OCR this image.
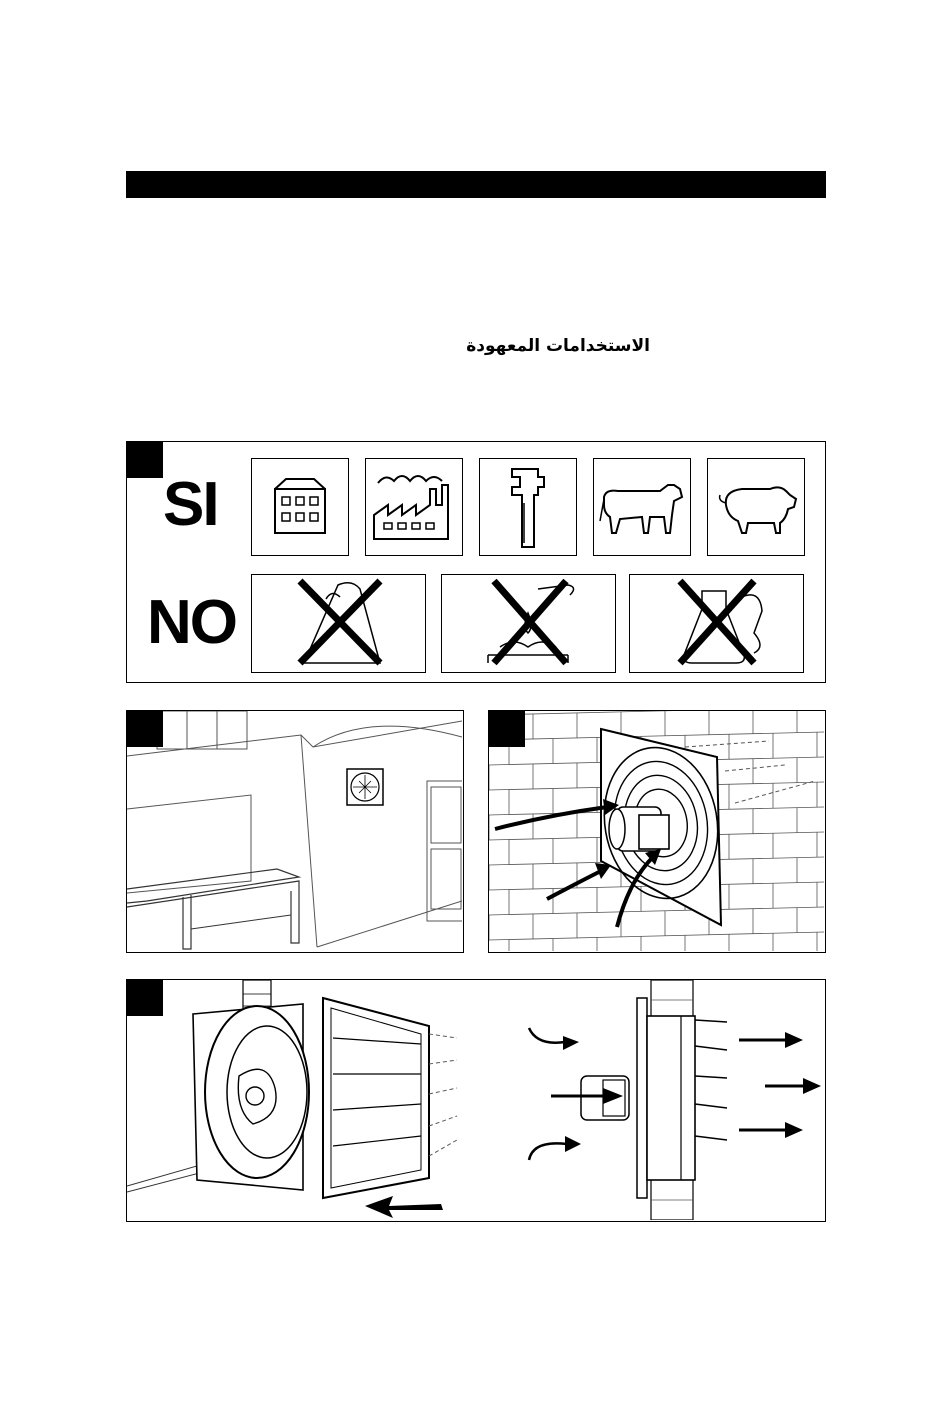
الاستخدامات المعهودة
SI
NO
